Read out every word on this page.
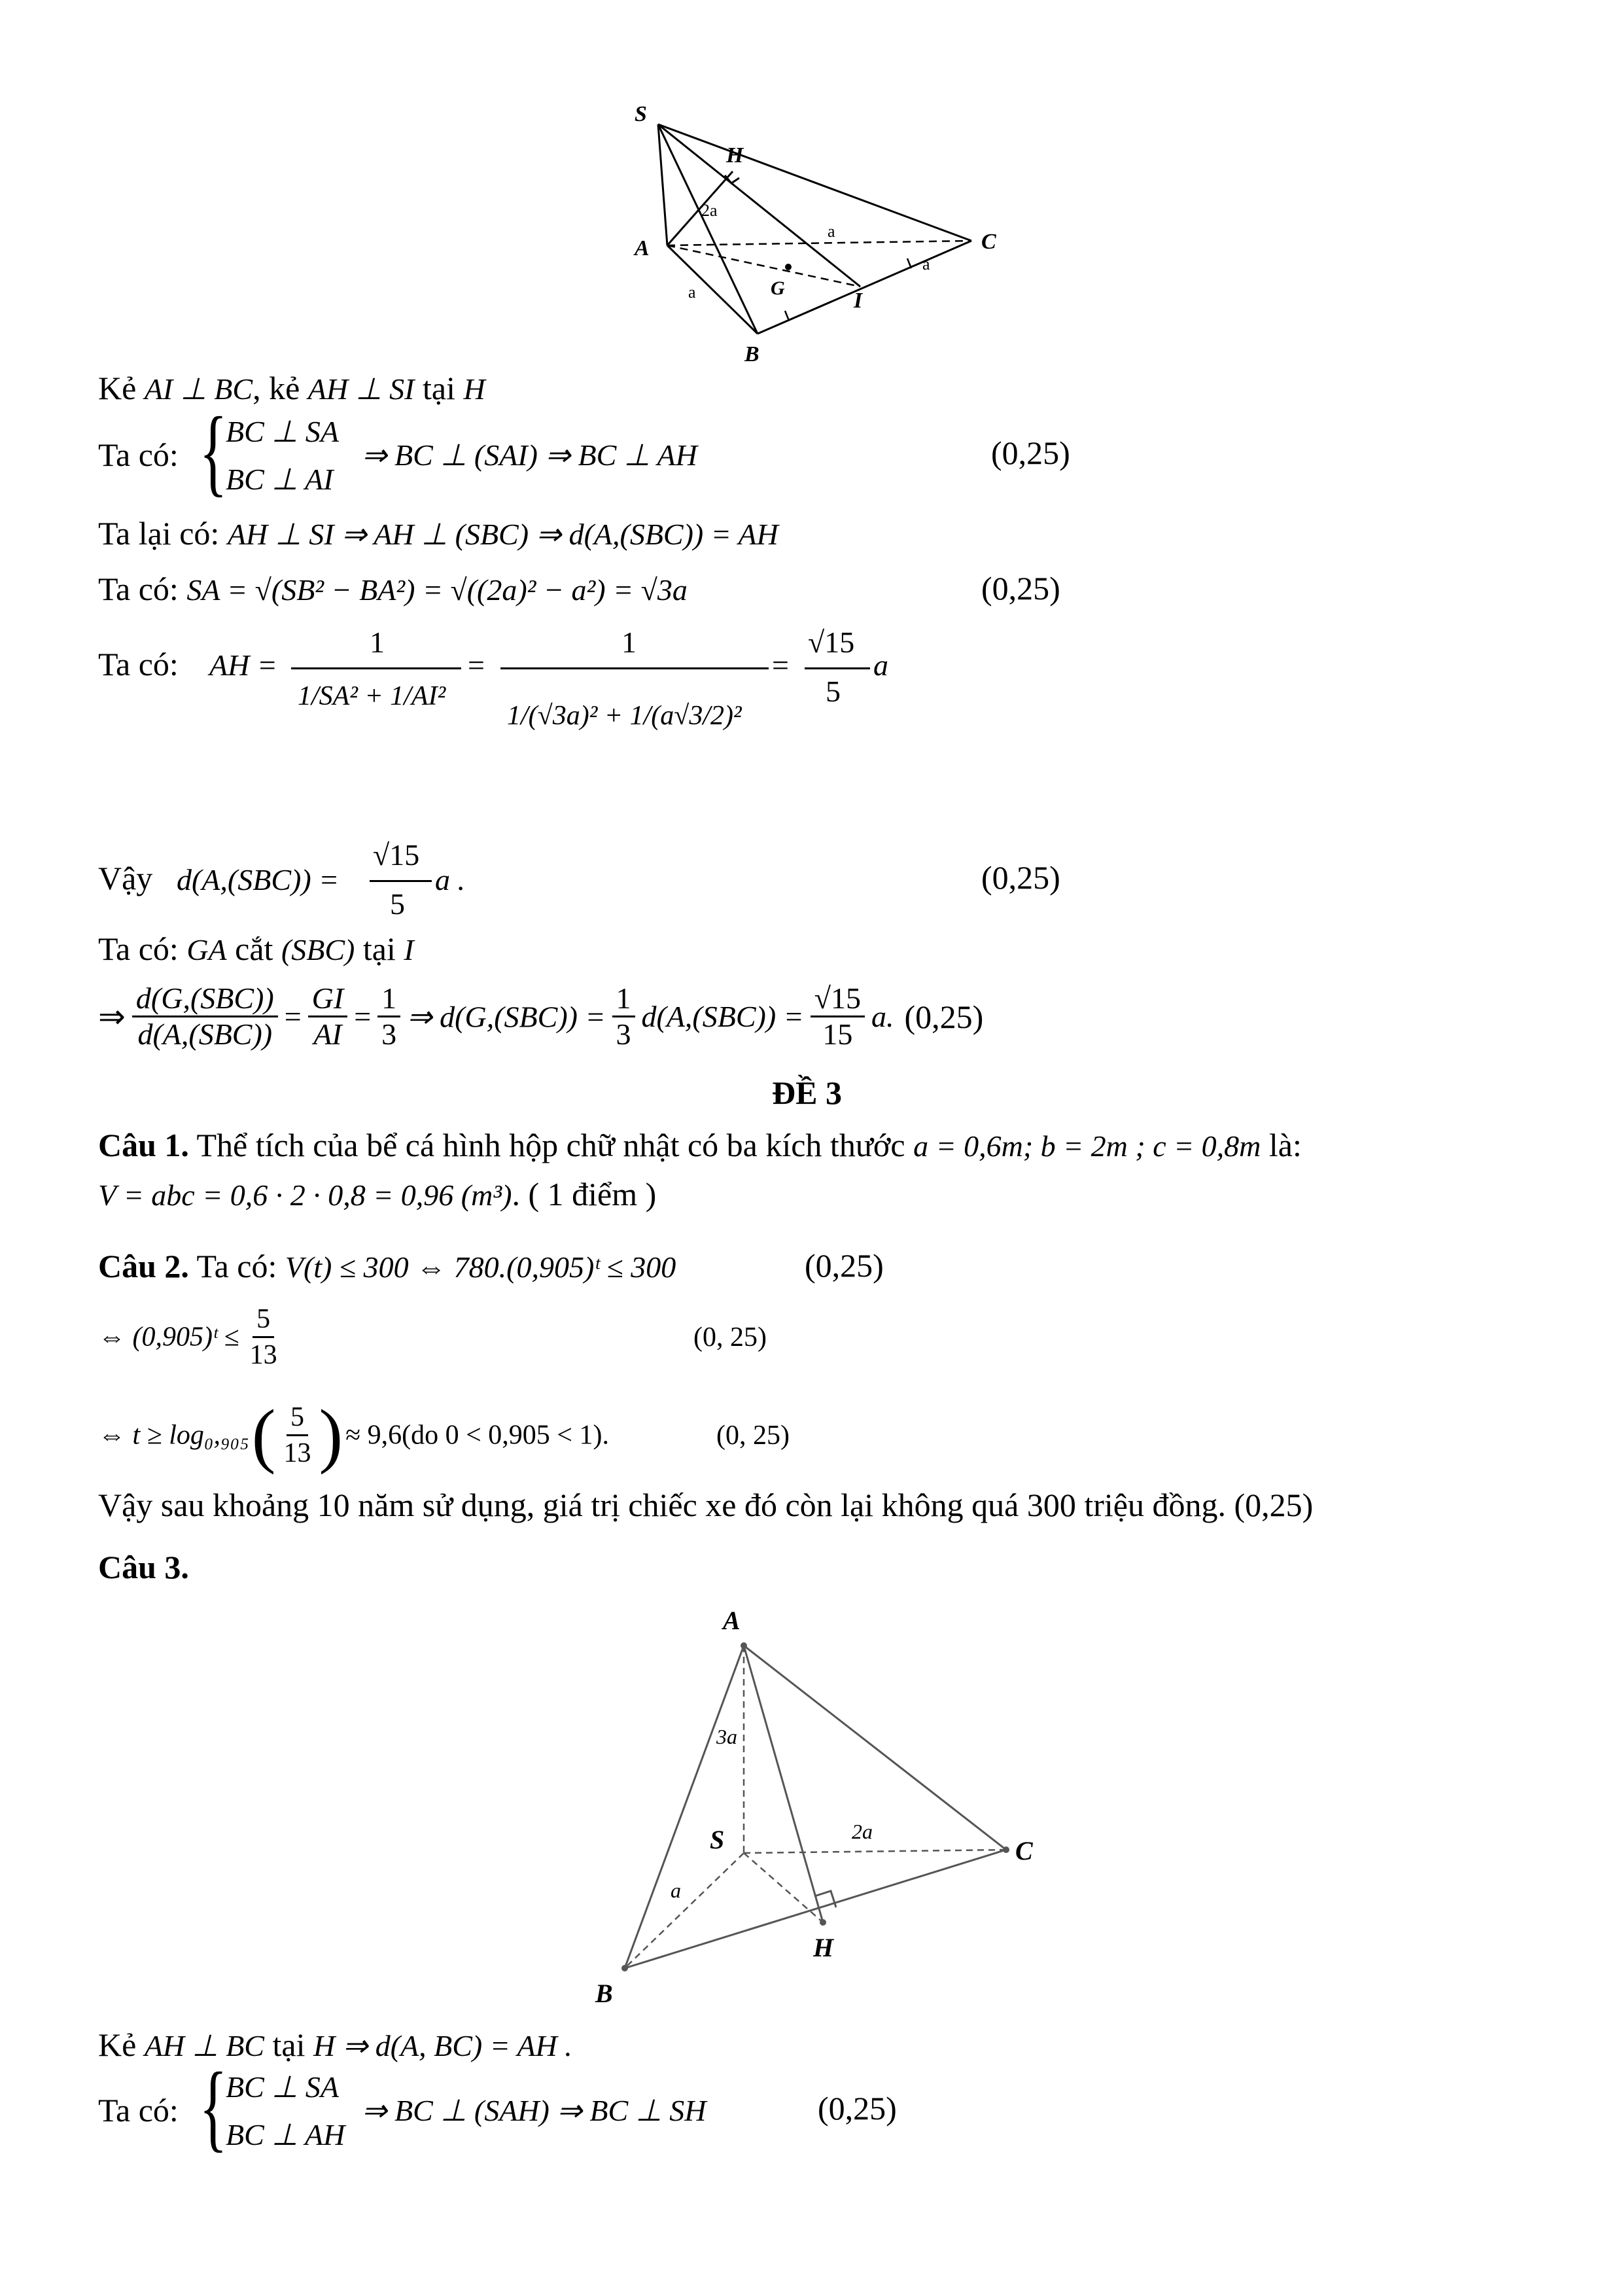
S
H
A	C
G
I
B
2a
a
a
a
Kẻ AI ⊥ BC, kẻ AH ⊥ SI tại H
Ta có: {
BC ⊥ SA
BC ⊥ AI
⇒ BC ⊥ (SAI) ⇒ BC ⊥ AH	(0,25)
Ta lại có: AH ⊥ SI ⇒ AH ⊥ (SBC) ⇒ d(A,(SBC)) = AH
Ta có: SA = √(SB² − BA²) = √((2a)² − a²) = √3a	(0,25)
Ta có: AH =
1
1/SA² + 1/AI²
=
1
1/(√3a)² + 1/(a√3/2)²
=
√15
5
a
Vậy d(A,(SBC)) =
√15
5
a .	(0,25)
Ta có: GA cắt (SBC) tại I
⇒ $\frac{\text{d(G,(SBC))}}{\text{d(A,(SBC))}} = \frac{GI}{AI} = \frac{1}{3}$ ⇒ $d(G,(SBC)) = \frac{1}{3} d(A,(SBC)) = \frac{√15}{15} a$. (0,25)
ĐỀ 3
Câu 1. Thể tích của bể cá hình hộp chữ nhật có ba kích thước a = 0,6m; b = 2m ; c = 0,8m là:
V = abc = 0,6 · 2 · 0,8 = 0,96 (m³). ( 1 điểm )
Câu 2. Ta có: V(t) ≤ 300 ⇔ 780.(0,905)ᵗ ≤ 300	(0,25)
⇔ (0,905)ᵗ ≤ $\frac{5}{13}$	(0, 25)
⇔ t ≥ log₀,₉₀₅ ( $\frac{5}{13}$ ) ≈ 9,6(do 0 < 0,905 < 1).	(0, 25)
Vậy sau khoảng 10 năm sử dụng, giá trị chiếc xe đó còn lại không quá 300 triệu đồng. (0,25)
Câu 3.
A
S	C
H
B
3a
2a
a
Kẻ AH ⊥ BC tại H ⇒ d(A, BC) = AH .
Ta có: {
BC ⊥ SA
BC ⊥ AH
⇒ BC ⊥ (SAH) ⇒ BC ⊥ SH	(0,25)
